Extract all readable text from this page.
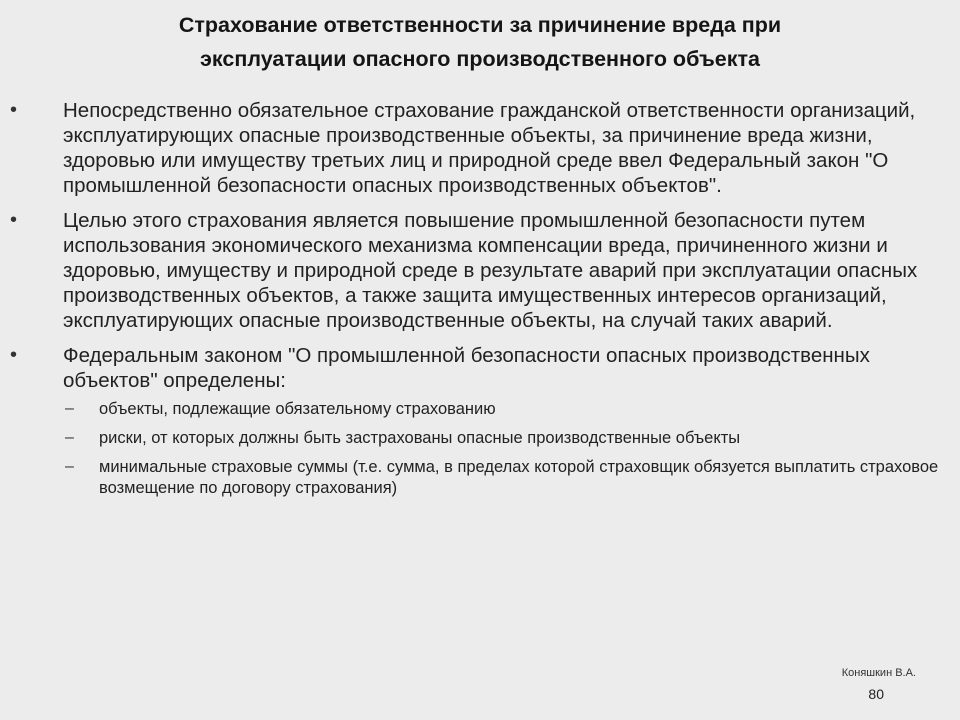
Страхование ответственности за причинение вреда при
эксплуатации опасного производственного объекта
• Непосредственно обязательное страхование гражданской ответственности организаций, эксплуатирующих опасные производственные объекты, за причинение вреда жизни, здоровью или имуществу третьих лиц и природной среде ввел Федеральный закон "О промышленной безопасности опасных производственных объектов".
• Целью этого страхования является повышение промышленной безопасности путем использования экономического механизма компенсации вреда, причиненного жизни и здоровью, имуществу и природной среде в результате аварий при эксплуатации опасных производственных объектов, а также защита имущественных интересов организаций, эксплуатирующих опасные производственные объекты, на случай таких аварий.
• Федеральным законом "О промышленной безопасности опасных производственных объектов" определены:
– объекты, подлежащие обязательному страхованию
– риски, от которых должны быть застрахованы опасные производственные объекты
– минимальные страховые суммы (т.е. сумма, в пределах которой страховщик обязуется выплатить страховое возмещение по договору страхования)
Коняшкин В.А.
80
